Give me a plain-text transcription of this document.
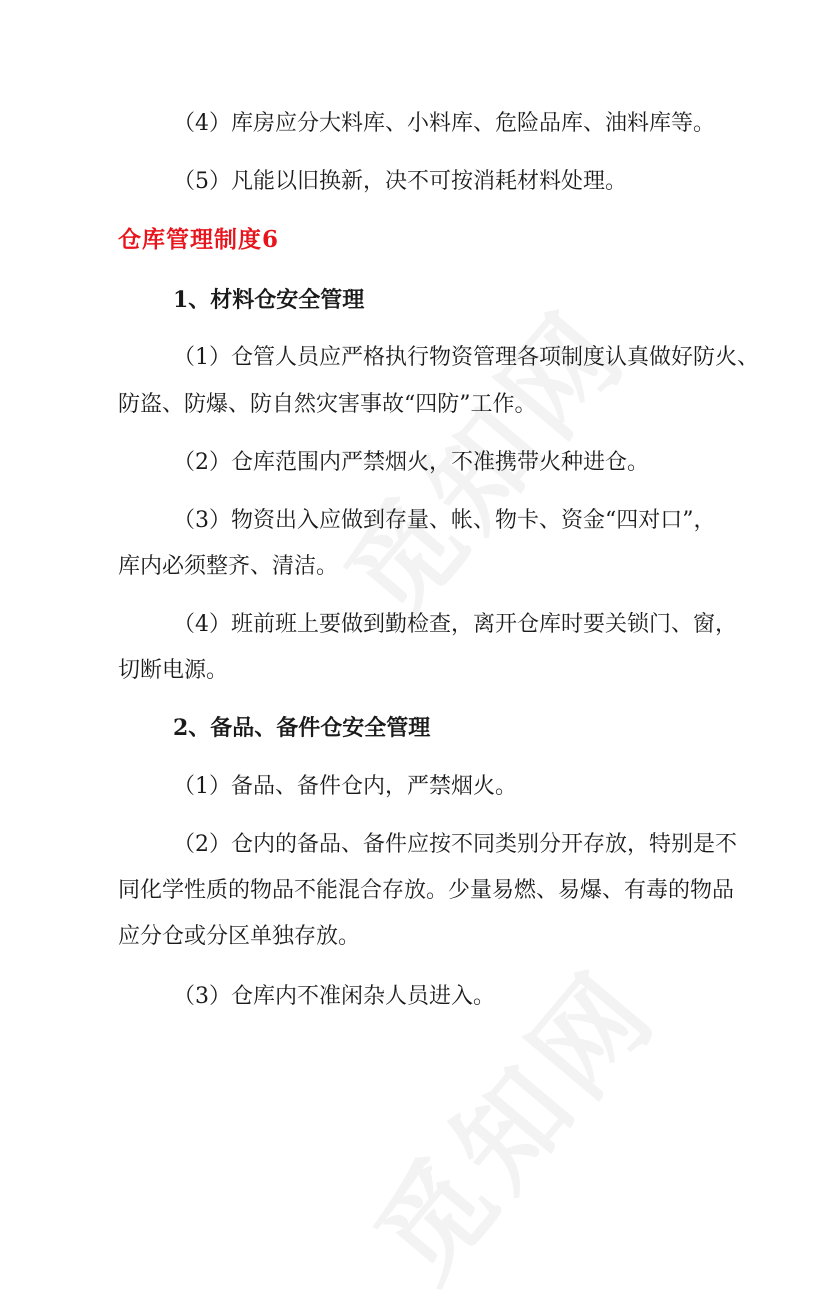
（4）库房应分大料库、小料库、危险品库、油料库等。
（5）凡能以旧换新，决不可按消耗材料处理。
仓库管理制度6
1、材料仓安全管理
（1）仓管人员应严格执行物资管理各项制度认真做好防火、
防盗、防爆、防自然灾害事故“四防”工作。
（2）仓库范围内严禁烟火，不准携带火种进仓。
（3）物资出入应做到存量、帐、物卡、资金“四对口”，
库内必须整齐、清洁。
（4）班前班上要做到勤检查，离开仓库时要关锁门、窗，
切断电源。
2、备品、备件仓安全管理
（1）备品、备件仓内，严禁烟火。
（2）仓内的备品、备件应按不同类别分开存放，特别是不
同化学性质的物品不能混合存放。少量易燃、易爆、有毒的物品
应分仓或分区单独存放。
（3）仓库内不准闲杂人员进入。
